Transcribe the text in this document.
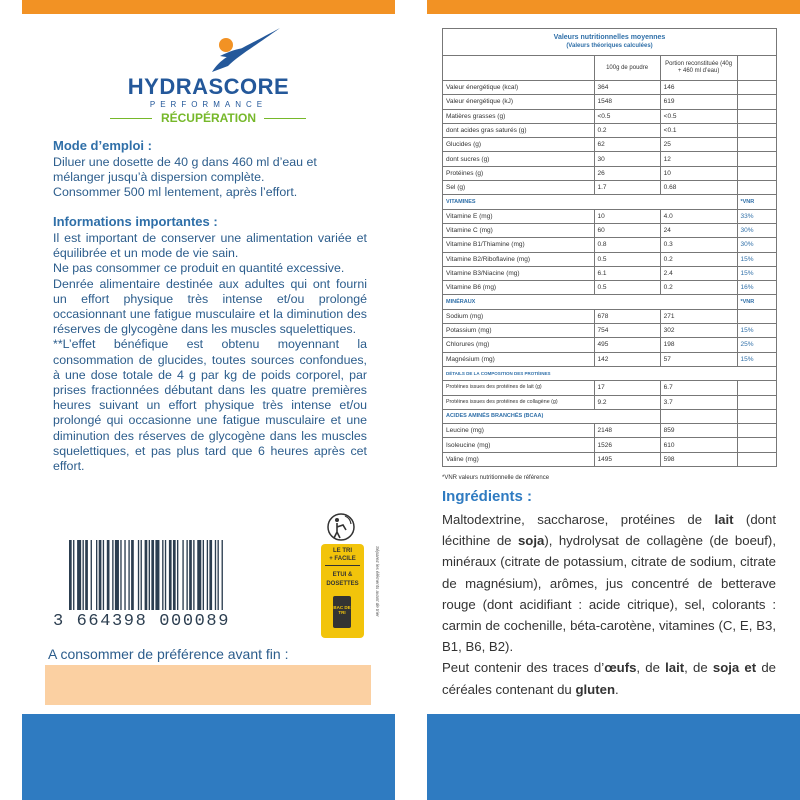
HYDRASCORE
PERFORMANCE
RÉCUPÉRATION
Mode d’emploi :

Diluer une dosette de 40 g dans 460 ml d’eau et mélanger jusqu’à dispersion complète.

Consommer 500 ml lentement, après l’effort.

Informations importantes :

Il est important de conserver une alimentation variée et équilibrée et un mode de vie sain.

Ne pas consommer ce produit en quantité excessive.

Denrée alimentaire destinée aux adultes qui ont fourni un effort physique très intense et/ou prolongé occasionnant une fatigue musculaire et la diminution des réserves de glycogène dans les muscles squelettiques.

**L’effet bénéfique est obtenu moyennant la consommation de glucides, toutes sources confondues, à une dose totale de 4 g par kg de poids corporel, par prises fractionnées débutant dans les quatre premières heures suivant un effort physique très intense et/ou prolongé qui occasionne une fatigue musculaire et une diminution des réserves de glycogène dans les muscles squelettiques, et pas plus tard que 6 heures après cet effort.

3 664398 000089
LE TRI
+ FACILE
ETUI &
DOSETTES
BAC DE TRI	Séparez les éléments avant de trier
A consommer de préférence avant fin :
Valeurs nutritionnelles moyennes
(Valeurs théoriques calculées)			

	100g de poudre	Portion reconstituée (40g + 460 ml d’eau)	
Valeur énergétique (kcal)	364	146	
Valeur énergétique (kJ)	1548	619	
Matières grasses (g)	<0.5	<0.5	
dont acides gras saturés (g)	0.2	<0.1	
Glucides (g)	62	25	
dont sucres (g)	30	12	
Protéines (g)	26	10	
Sel (g)	1.7	0.68	
VITAMINES			*VNR
Vitamine E (mg)	10	4.0	33%
Vitamine C (mg)	60	24	30%
Vitamine B1/Thiamine (mg)	0.8	0.3	30%
Vitamine B2/Riboflavine (mg)	0.5	0.2	15%
Vitamine B3/Niacine (mg)	6.1	2.4	15%
Vitamine B6 (mg)	0.5	0.2	16%
MINÉRAUX			*VNR
Sodium (mg)	678	271	
Potassium (mg)	754	302	15%
Chlorures (mg)	495	198	25%
Magnésium (mg)	142	57	15%
DÉTAILS DE LA COMPOSITION DES PROTÉINES			
Protéines issues des protéines de lait (g)	17	6.7	
Protéines issues des protéines de collagène (g)	9.2	3.7	
ACIDES AMINÉS BRANCHÉS (BCAA)			
Leucine (mg)	2148	859	
Isoleucine (mg)	1526	610	
Valine (mg)	1495	598	
*VNR valeurs nutritionnelle de référence
Ingrédients :

Maltodextrine, saccharose, protéines de lait (dont lécithine de soja), hydrolysat de collagène (de boeuf), minéraux (citrate de potassium, citrate de sodium, citrate de magnésium), arômes, jus concentré de betterave rouge (dont acidifiant : acide citrique), sel, colorants : carmin de cochenille, béta-carotène, vitamines (C, E, B3, B1, B6, B2).

Peut contenir des traces d’œufs, de lait, de soja et de céréales contenant du gluten.
